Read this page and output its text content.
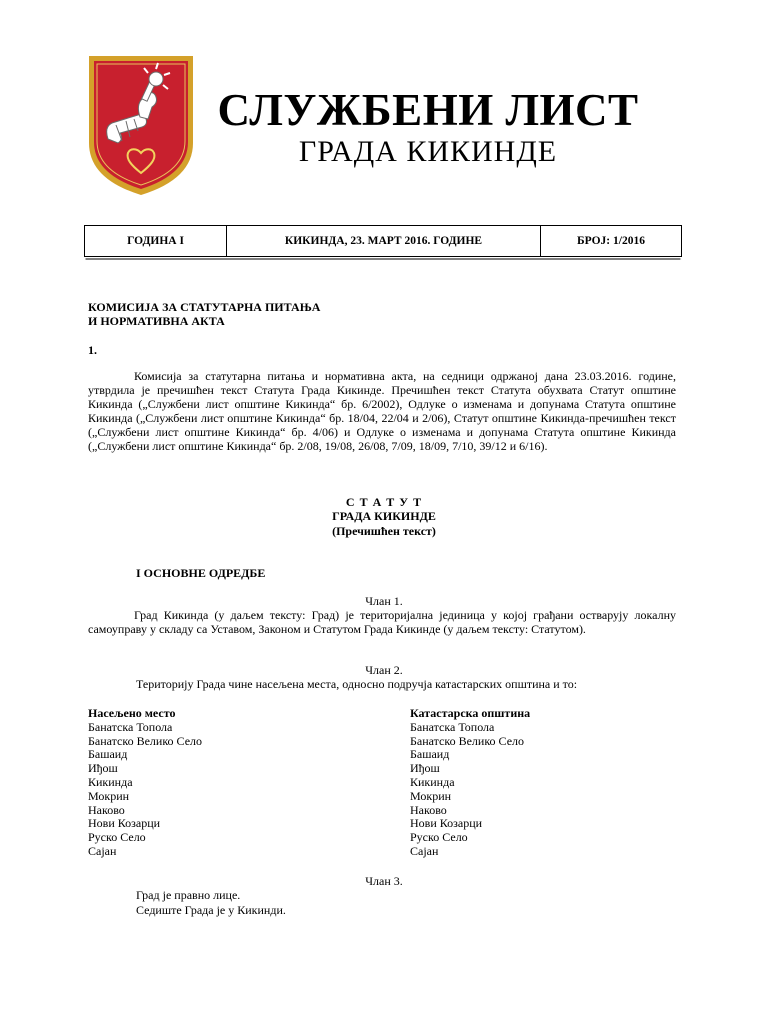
СЛУЖБЕНИ ЛИСТ
ГРАДА КИКИНДЕ
ГОДИНА I	КИКИНДА, 23. МАРТ 2016. ГОДИНЕ	БРОЈ: 1/2016
КОМИСИЈА ЗА СТАТУТАРНА ПИТАЊА
И НОРМАТИВНА АКТА
1.
Комисија за статутарна питања и нормативна акта, на седници одржаној дана 23.03.2016. године, утврдила је пречишћен текст Статута Града Кикинде. Пречишћен текст Статута обухвата Статут општине Кикинда („Службени лист општине Кикинда“ бр. 6/2002), Одлуке о изменама и допунама Статута општине Кикинда („Службени лист општине Кикинда“ бр. 18/04, 22/04 и 2/06), Статут општине Кикинда-пречишћен текст („Службени лист општине Кикинда“ бр. 4/06) и Одлуке о изменама и допунама Статута општине Кикинда („Службени лист општине Кикинда“ бр. 2/08, 19/08, 26/08, 7/09, 18/09, 7/10, 39/12 и 6/16).
С Т А Т У Т
ГРАДА КИКИНДЕ
(Пречишћен текст)
I ОСНОВНЕ ОДРЕДБЕ
Члан 1.
Град Кикинда (у даљем тексту: Град) је територијална јединица у којој грађани остварују локалну самоуправу у складу са Уставом, Законом и Статутом Града Кикинде (у даљем тексту: Статутом).
Члан 2.
Територију Града чине насељена места, односно подручја катастарских општина и то:
Насељено место
Банатска Топола
Банатско Велико Село
Башаид
Иђош
Кикинда
Мокрин
Наково
Нови Козарци
Руско Село
Сајан
Катастарска општина
Банатска Топола
Банатско Велико Село
Башаид
Иђош
Кикинда
Мокрин
Наково
Нови Козарци
Руско Село
Сајан
Члан 3.
Град је правно лице.
Седиште Града је у Кикинди.
